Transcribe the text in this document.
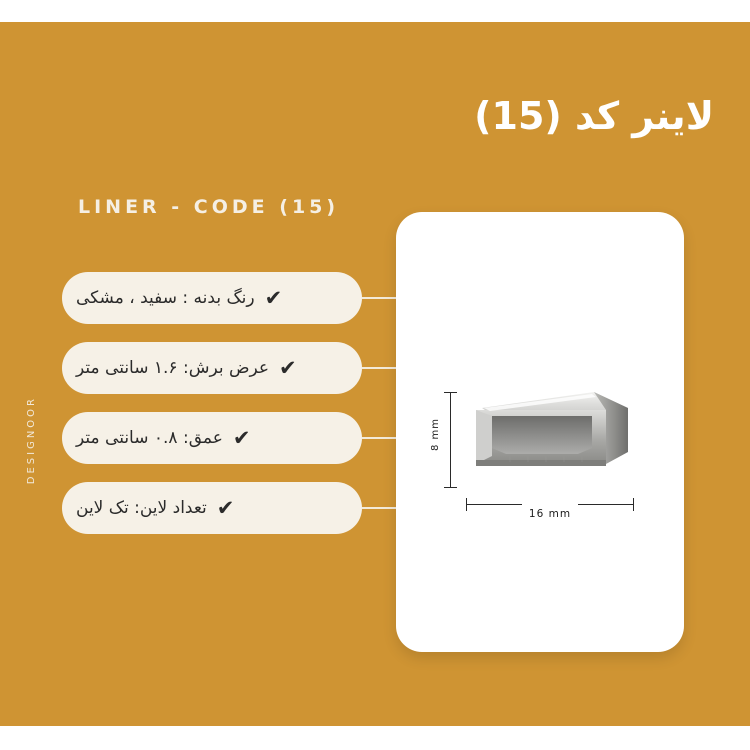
لاینر کد (15)
LINER - CODE (15)
DESIGNOOR
✔
رنگ بدنه : سفید ، مشکی
✔
عرض برش: ۱.۶ سانتی متر
✔
عمق: ۰.۸ سانتی متر
✔
تعداد لاین: تک لاین
8 mm
16 mm
